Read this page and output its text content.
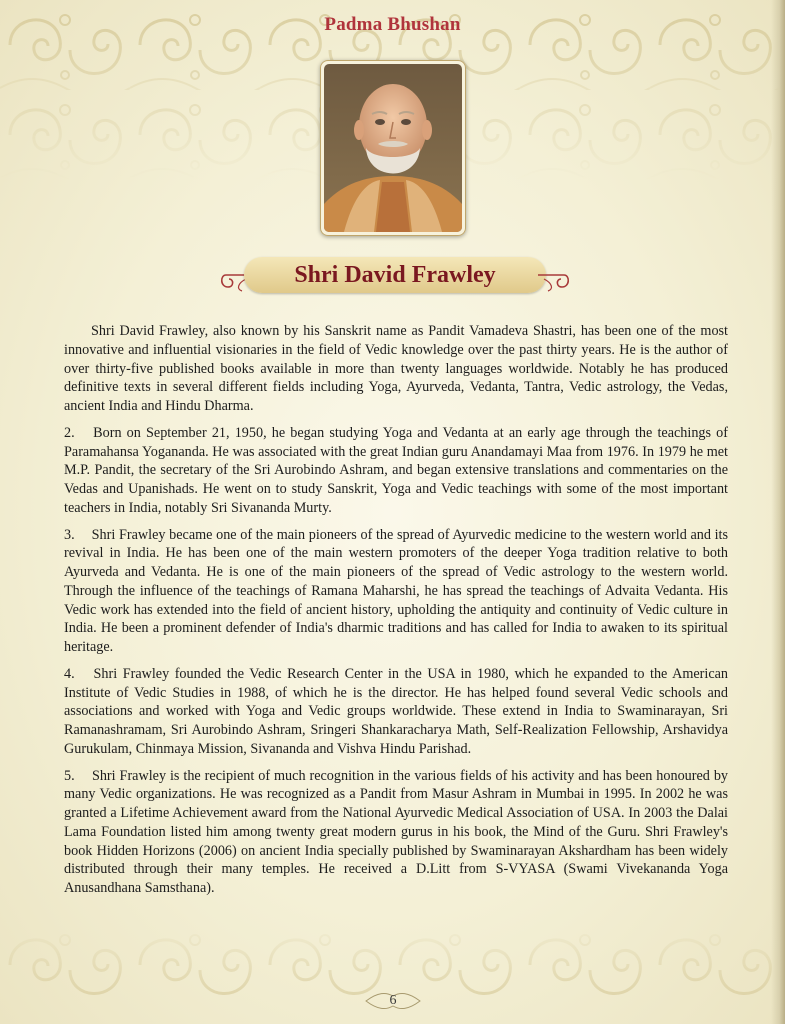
Padma Bhushan
Shri David Frawley

Shri David Frawley, also known by his Sanskrit name as Pandit Vamadeva Shastri, has been one of the most innovative and influential visionaries in the field of Vedic knowledge over the past thirty years. He is the author of over thirty-five published books available in more than twenty languages worldwide. Notably he has produced definitive texts in several different fields including Yoga, Ayurveda, Vedanta, Tantra, Vedic astrology, the Vedas, ancient India and Hindu Dharma.

2. Born on September 21, 1950, he began studying Yoga and Vedanta at an early age through the teachings of Paramahansa Yogananda. He was associated with the great Indian guru Anandamayi Maa from 1976. In 1979 he met M.P. Pandit, the secretary of the Sri Aurobindo Ashram, and began extensive translations and commentaries on the Vedas and Upanishads. He went on to study Sanskrit, Yoga and Vedic teachings with some of the most important teachers in India, notably Sri Sivananda Murty.

3. Shri Frawley became one of the main pioneers of the spread of Ayurvedic medicine to the western world and its revival in India. He has been one of the main western promoters of the deeper Yoga tradition relative to both Ayurveda and Vedanta. He is one of the main pioneers of the spread of Vedic astrology to the western world. Through the influence of the teachings of Ramana Maharshi, he has spread the teachings of Advaita Vedanta. His Vedic work has extended into the field of ancient history, upholding the antiquity and continuity of Vedic culture in India. He been a prominent defender of India's dharmic traditions and has called for India to awaken to its spiritual heritage.

4. Shri Frawley founded the Vedic Research Center in the USA in 1980, which he expanded to the American Institute of Vedic Studies in 1988, of which he is the director. He has helped found several Vedic schools and associations and worked with Yoga and Vedic groups worldwide. These extend in India to Swaminarayan, Sri Ramanashramam, Sri Aurobindo Ashram, Sringeri Shankaracharya Math, Self-Realization Fellowship, Arshavidya Gurukulam, Chinmaya Mission, Sivananda and Vishva Hindu Parishad.

5. Shri Frawley is the recipient of much recognition in the various fields of his activity and has been honoured by many Vedic organizations. He was recognized as a Pandit from Masur Ashram in Mumbai in 1995. In 2002 he was granted a Lifetime Achievement award from the National Ayurvedic Medical Association of USA. In 2003 the Dalai Lama Foundation listed him among twenty great modern gurus in his book, the Mind of the Guru. Shri Frawley's book Hidden Horizons (2006) on ancient India specially published by Swaminarayan Akshardham has been widely distributed through their many temples. He received a D.Litt from S-VYASA (Swami Vivekananda Yoga Anusandhana Samsthana).

6
